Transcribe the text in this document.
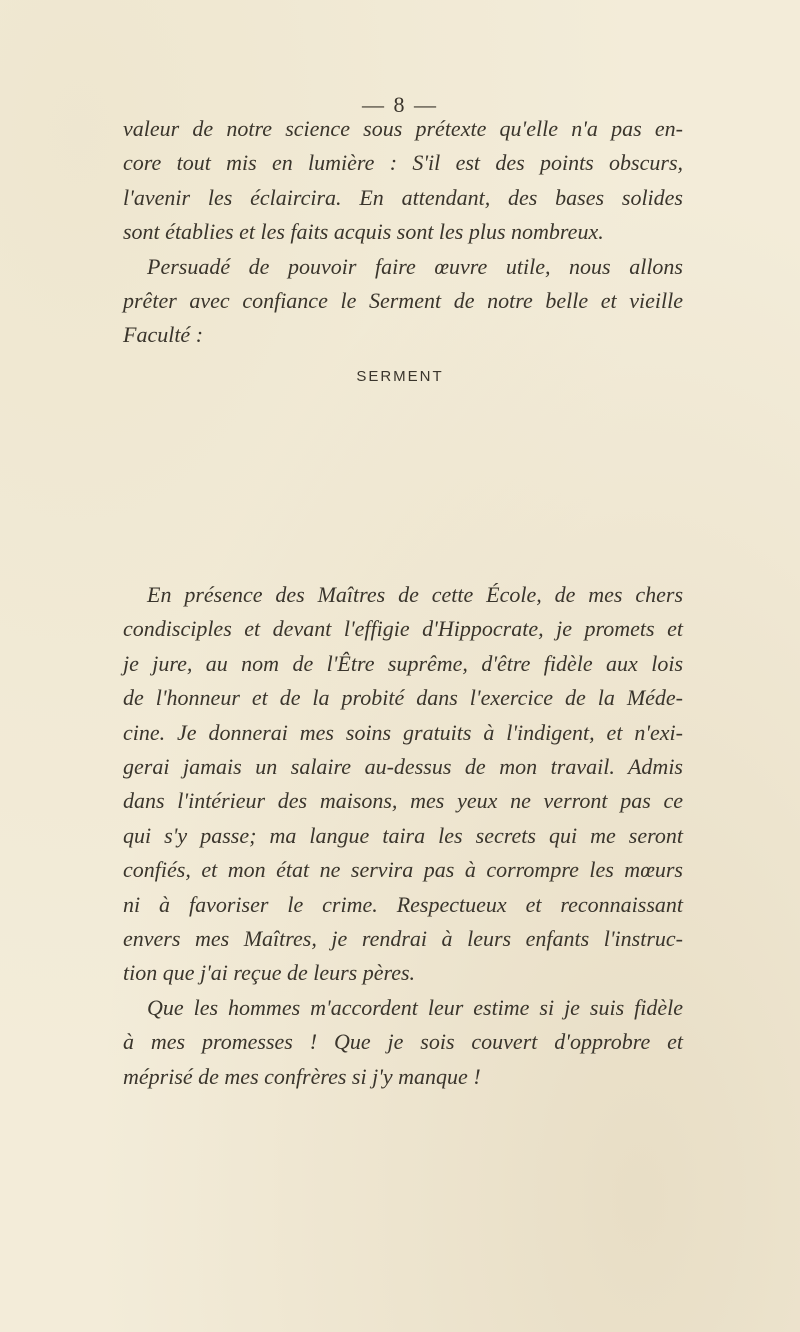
— 8 —
valeur de notre science sous prétexte qu'elle n'a pas en-
core tout mis en lumière : S'il est des points obscurs,
l'avenir les éclaircira. En attendant, des bases solides
sont établies et les faits acquis sont les plus nombreux.
Persuadé de pouvoir faire œuvre utile, nous allons
prêter avec confiance le Serment de notre belle et vieille
Faculté :
SERMENT
En présence des Maîtres de cette École, de mes chers
condisciples et devant l'effigie d'Hippocrate, je promets et
je jure, au nom de l'Être suprême, d'être fidèle aux lois
de l'honneur et de la probité dans l'exercice de la Méde-
cine. Je donnerai mes soins gratuits à l'indigent, et n'exi-
gerai jamais un salaire au-dessus de mon travail. Admis
dans l'intérieur des maisons, mes yeux ne verront pas ce
qui s'y passe; ma langue taira les secrets qui me seront
confiés, et mon état ne servira pas à corrompre les mœurs
ni à favoriser le crime. Respectueux et reconnaissant
envers mes Maîtres, je rendrai à leurs enfants l'instruc-
tion que j'ai reçue de leurs pères.
Que les hommes m'accordent leur estime si je suis fidèle
à mes promesses ! Que je sois couvert d'opprobre et
méprisé de mes confrères si j'y manque !
